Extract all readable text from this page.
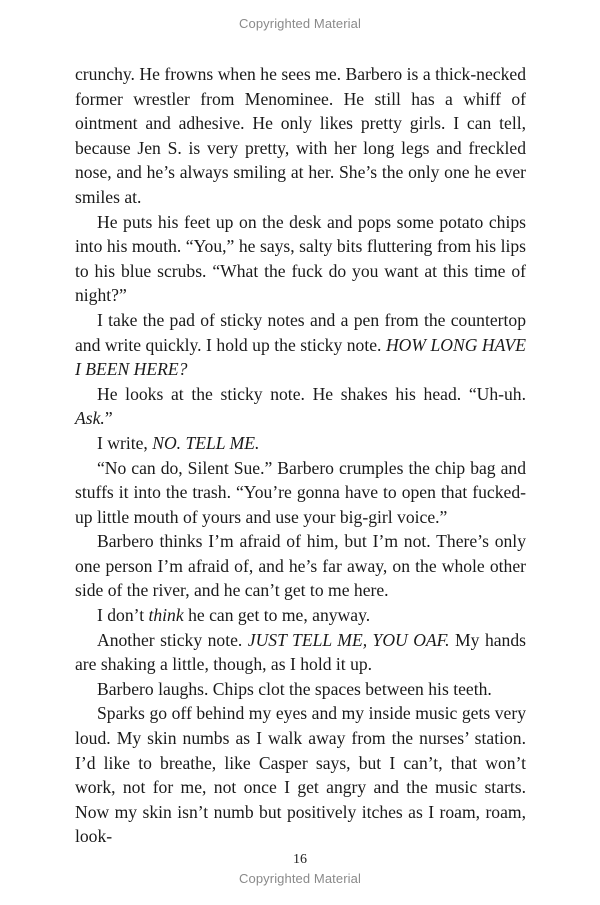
Copyrighted Material

crunchy. He frowns when he sees me. Barbero is a thick-necked former wrestler from Menominee. He still has a whiff of ointment and adhesive. He only likes pretty girls. I can tell, because Jen S. is very pretty, with her long legs and freckled nose, and he’s always smiling at her. She’s the only one he ever smiles at.

He puts his feet up on the desk and pops some potato chips into his mouth. “You,” he says, salty bits fluttering from his lips to his blue scrubs. “What the fuck do you want at this time of night?”

I take the pad of sticky notes and a pen from the countertop and write quickly. I hold up the sticky note. HOW LONG HAVE I BEEN HERE?

He looks at the sticky note. He shakes his head. “Uh-uh. Ask.”

I write, NO. TELL ME.

“No can do, Silent Sue.” Barbero crumples the chip bag and stuffs it into the trash. “You’re gonna have to open that fucked-up little mouth of yours and use your big-girl voice.”

Barbero thinks I’m afraid of him, but I’m not. There’s only one person I’m afraid of, and he’s far away, on the whole other side of the river, and he can’t get to me here.

I don’t think he can get to me, anyway.

Another sticky note. JUST TELL ME, YOU OAF. My hands are shaking a little, though, as I hold it up.

Barbero laughs. Chips clot the spaces between his teeth.

Sparks go off behind my eyes and my inside music gets very loud. My skin numbs as I walk away from the nurses’ station. I’d like to breathe, like Casper says, but I can’t, that won’t work, not for me, not once I get angry and the music starts. Now my skin isn’t numb but positively itches as I roam, roam, look-

16
Copyrighted Material
